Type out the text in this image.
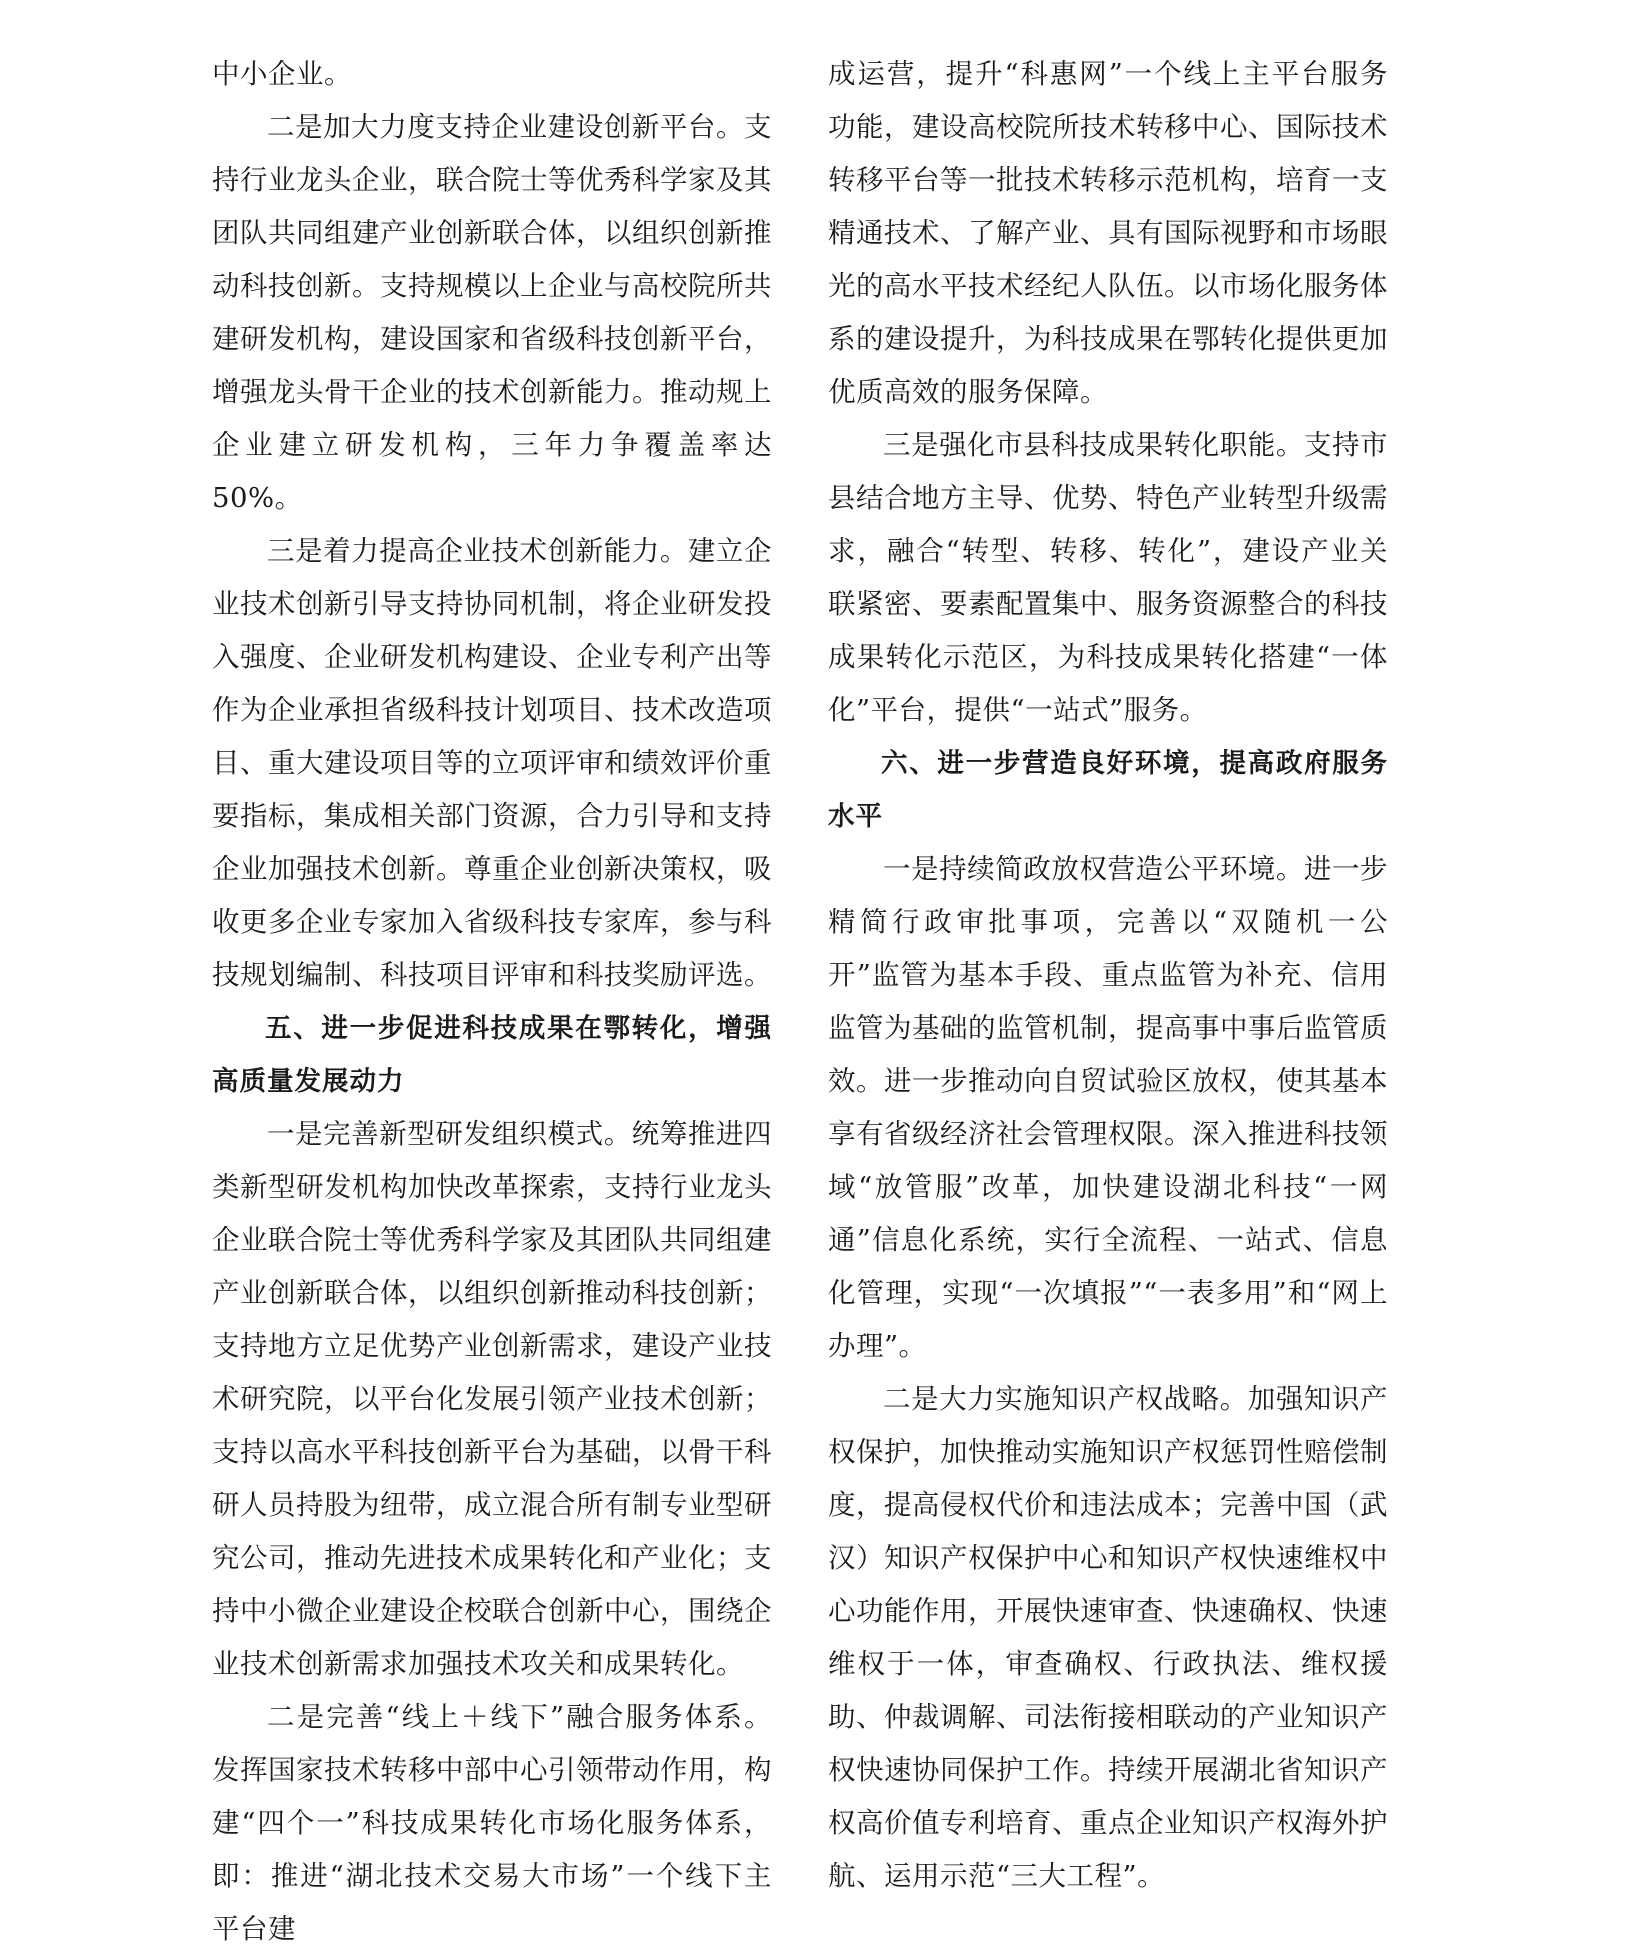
中小企业。

二是加大力度支持企业建设创新平台。支持行业龙头企业，联合院士等优秀科学家及其团队共同组建产业创新联合体，以组织创新推动科技创新。支持规模以上企业与高校院所共建研发机构，建设国家和省级科技创新平台，增强龙头骨干企业的技术创新能力。推动规上企业建立研发机构，三年力争覆盖率达 50%。

三是着力提高企业技术创新能力。建立企业技术创新引导支持协同机制，将企业研发投入强度、企业研发机构建设、企业专利产出等作为企业承担省级科技计划项目、技术改造项目、重大建设项目等的立项评审和绩效评价重要指标，集成相关部门资源，合力引导和支持企业加强技术创新。尊重企业创新决策权，吸收更多企业专家加入省级科技专家库，参与科技规划编制、科技项目评审和科技奖励评选。

五、进一步促进科技成果在鄂转化，增强高质量发展动力

一是完善新型研发组织模式。统筹推进四类新型研发机构加快改革探索，支持行业龙头企业联合院士等优秀科学家及其团队共同组建产业创新联合体，以组织创新推动科技创新；支持地方立足优势产业创新需求，建设产业技术研究院，以平台化发展引领产业技术创新；支持以高水平科技创新平台为基础，以骨干科研人员持股为纽带，成立混合所有制专业型研究公司，推动先进技术成果转化和产业化；支持中小微企业建设企校联合创新中心，围绕企业技术创新需求加强技术攻关和成果转化。

二是完善“线上＋线下”融合服务体系。发挥国家技术转移中部中心引领带动作用，构建“四个一”科技成果转化市场化服务体系，即：推进“湖北技术交易大市场”一个线下主平台建

成运营，提升“科惠网”一个线上主平台服务功能，建设高校院所技术转移中心、国际技术转移平台等一批技术转移示范机构，培育一支精通技术、了解产业、具有国际视野和市场眼光的高水平技术经纪人队伍。以市场化服务体系的建设提升，为科技成果在鄂转化提供更加优质高效的服务保障。

三是强化市县科技成果转化职能。支持市县结合地方主导、优势、特色产业转型升级需求，融合“转型、转移、转化”，建设产业关联紧密、要素配置集中、服务资源整合的科技成果转化示范区，为科技成果转化搭建“一体化”平台，提供“一站式”服务。

六、进一步营造良好环境，提高政府服务水平

一是持续简政放权营造公平环境。进一步精简行政审批事项，完善以“双随机一公开”监管为基本手段、重点监管为补充、信用监管为基础的监管机制，提高事中事后监管质效。进一步推动向自贸试验区放权，使其基本享有省级经济社会管理权限。深入推进科技领域“放管服”改革，加快建设湖北科技“一网通”信息化系统，实行全流程、一站式、信息化管理，实现“一次填报”“一表多用”和“网上办理”。

二是大力实施知识产权战略。加强知识产权保护，加快推动实施知识产权惩罚性赔偿制度，提高侵权代价和违法成本；完善中国（武汉）知识产权保护中心和知识产权快速维权中心功能作用，开展快速审查、快速确权、快速维权于一体，审查确权、行政执法、维权援助、仲裁调解、司法衔接相联动的产业知识产权快速协同保护工作。持续开展湖北省知识产权高价值专利培育、重点企业知识产权海外护航、运用示范“三大工程”。
